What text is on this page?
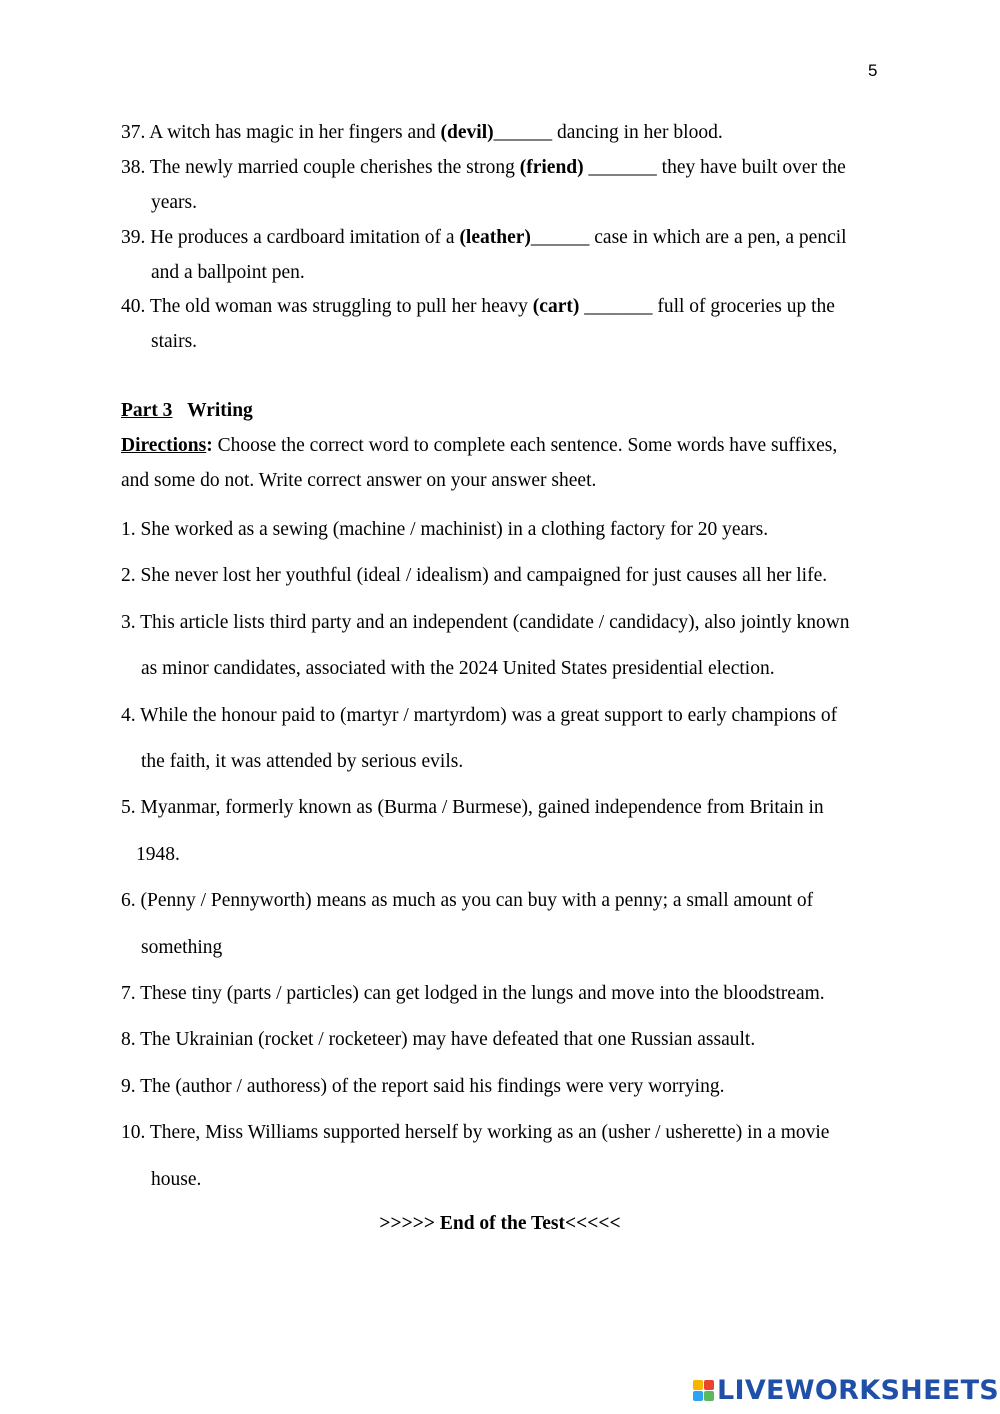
5
37. A witch has magic in her fingers and (devil)______ dancing in her blood.
38. The newly married couple cherishes the strong (friend) _______ they have built over the
years.
39. He produces a cardboard imitation of a (leather)______ case in which are a pen, a pencil
and a ballpoint pen.
40. The old woman was struggling to pull her heavy (cart) _______ full of groceries up the
stairs.
Part 3 Writing
Directions: Choose the correct word to complete each sentence. Some words have suffixes,
and some do not. Write correct answer on your answer sheet.
1. She worked as a sewing (machine / machinist) in a clothing factory for 20 years.
2. She never lost her youthful (ideal / idealism) and campaigned for just causes all her life.
3. This article lists third party and an independent (candidate / candidacy), also jointly known
as minor candidates, associated with the 2024 United States presidential election.
4. While the honour paid to (martyr / martyrdom) was a great support to early champions of
the faith, it was attended by serious evils.
5. Myanmar, formerly known as (Burma / Burmese), gained independence from Britain in
1948.
6. (Penny / Pennyworth) means as much as you can buy with a penny; a small amount of
something
7. These tiny (parts / particles) can get lodged in the lungs and move into the bloodstream.
8. The Ukrainian (rocket / rocketeer) may have defeated that one Russian assault.
9. The (author / authoress) of the report said his findings were very worrying.
10. There, Miss Williams supported herself by working as an (usher / usherette) in a movie
house.
>>>>> End of the Test<<<<<
LIVEWORKSHEETS
